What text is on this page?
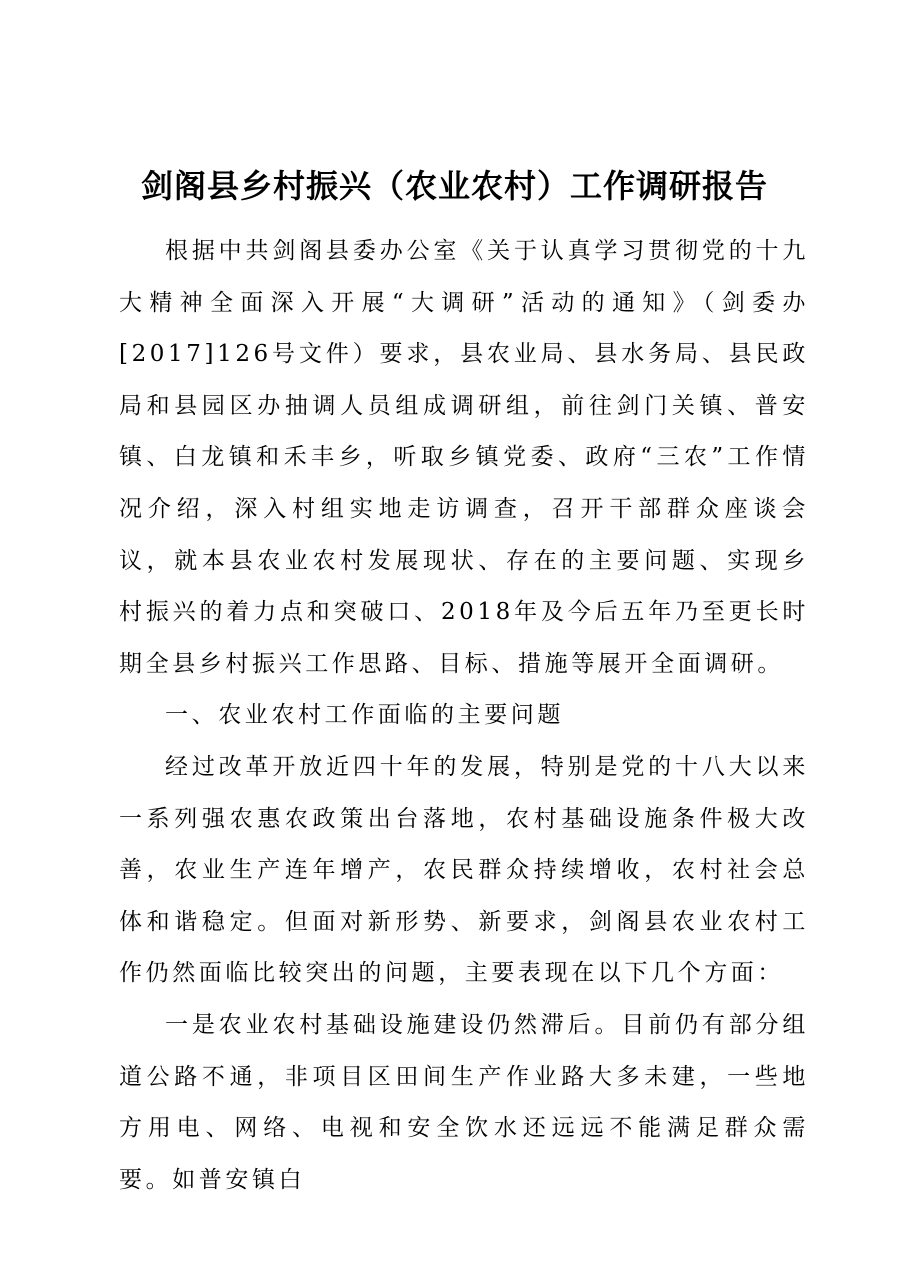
剑阁县乡村振兴（农业农村）工作调研报告

根据中共剑阁县委办公室《关于认真学习贯彻党的十九大精神全面深入开展“大调研”活动的通知》（剑委办[2017]126号文件）要求，县农业局、县水务局、县民政局和县园区办抽调人员组成调研组，前往剑门关镇、普安镇、白龙镇和禾丰乡，听取乡镇党委、政府“三农”工作情况介绍，深入村组实地走访调查，召开干部群众座谈会议，就本县农业农村发展现状、存在的主要问题、实现乡村振兴的着力点和突破口、2018年及今后五年乃至更长时期全县乡村振兴工作思路、目标、措施等展开全面调研。

一、农业农村工作面临的主要问题

经过改革开放近四十年的发展，特别是党的十八大以来一系列强农惠农政策出台落地，农村基础设施条件极大改善，农业生产连年增产，农民群众持续增收，农村社会总体和谐稳定。但面对新形势、新要求，剑阁县农业农村工作仍然面临比较突出的问题，主要表现在以下几个方面：

一是农业农村基础设施建设仍然滞后。目前仍有部分组道公路不通，非项目区田间生产作业路大多未建，一些地方用电、网络、电视和安全饮水还远远不能满足群众需要。如普安镇白
